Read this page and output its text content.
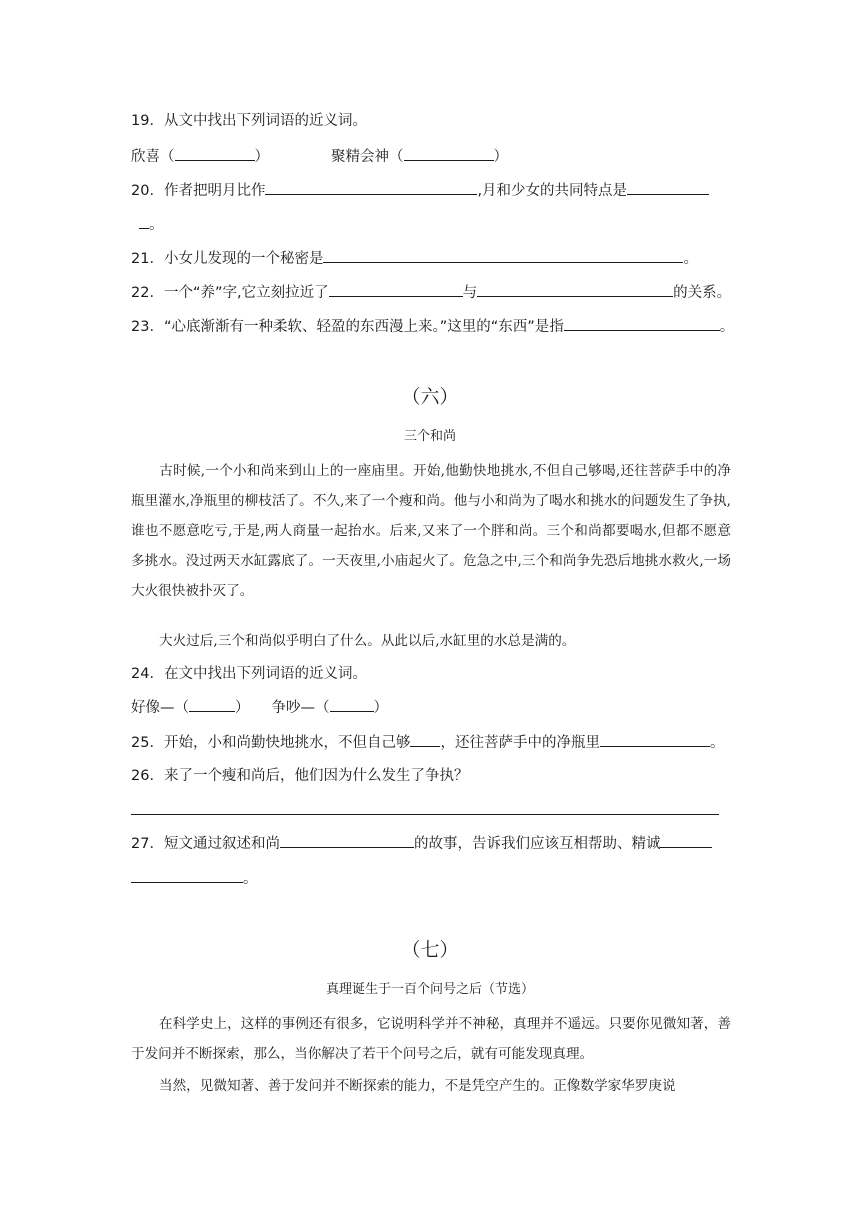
19．从文中找出下列词语的近义词。
欣喜（	）	聚精会神（	）
20．作者把明月比作	,月和少女的共同特点是
。
21．小女儿发现的一个秘密是	。
22．一个“养”字,它立刻拉近了	与	的关系。
23．“心底渐渐有一种柔软、轻盈的东西漫上来。”这里的“东西”是指	。
（六）
三个和尚
古时候,一个小和尚来到山上的一座庙里。开始,他勤快地挑水,不但自己够喝,还往菩萨手中的净瓶里灌水,净瓶里的柳枝活了。不久,来了一个瘦和尚。他与小和尚为了喝水和挑水的问题发生了争执,谁也不愿意吃亏,于是,两人商量一起抬水。后来,又来了一个胖和尚。三个和尚都要喝水,但都不愿意多挑水。没过两天水缸露底了。一天夜里,小庙起火了。危急之中,三个和尚争先恐后地挑水救火,一场大火很快被扑灭了。
大火过后,三个和尚似乎明白了什么。从此以后,水缸里的水总是满的。
24．在文中找出下列词语的近义词。
好像—（	） 争吵—（	）
25．开始，小和尚勤快地挑水，不但自己够 ，还往菩萨手中的净瓶里	。
26．来了一个瘦和尚后，他们因为什么发生了争执？
27．短文通过叙述和尚	的故事，告诉我们应该互相帮助、精诚
。
（七）
真理诞生于一百个问号之后（节选）
在科学史上，这样的事例还有很多，它说明科学并不神秘，真理并不遥远。只要你见微知著，善于发问并不断探索，那么，当你解决了若干个问号之后，就有可能发现真理。
当然，见微知著、善于发问并不断探索的能力，不是凭空产生的。正像数学家华罗庚说
